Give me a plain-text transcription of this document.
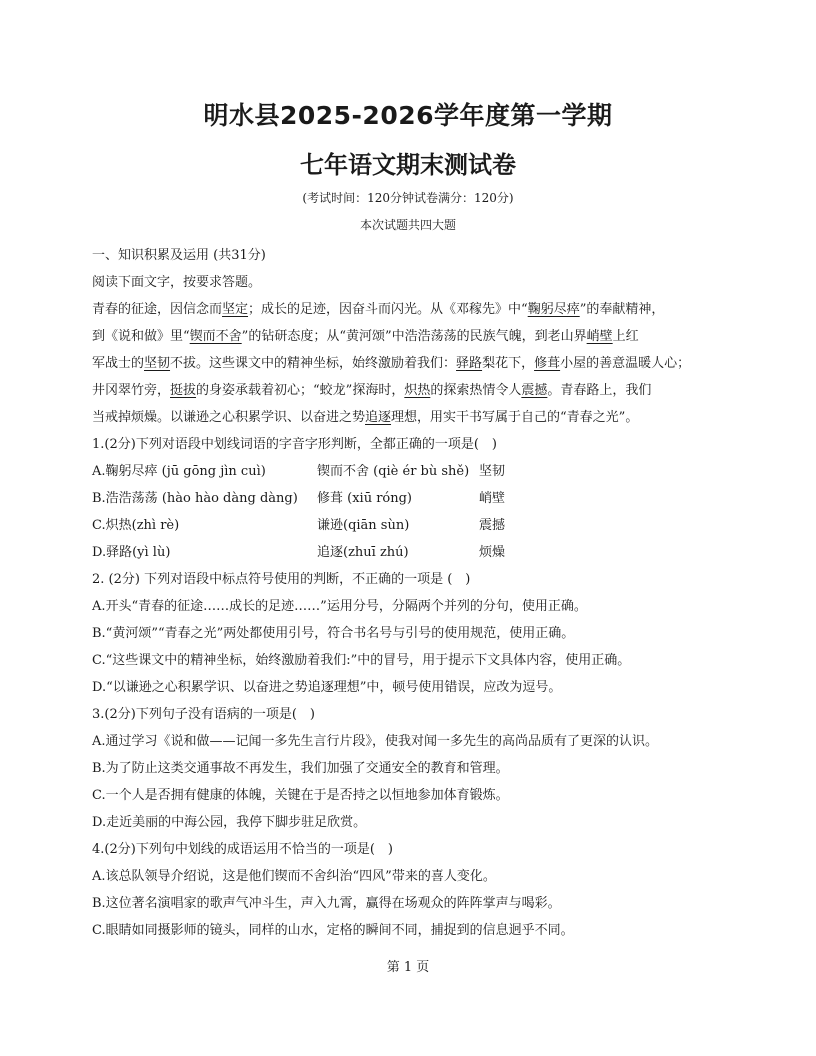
明水县2025-2026学年度第一学期
七年语文期末测试卷
(考试时间：120分钟试卷满分：120分)
本次试题共四大题
一、知识积累及运用 (共31分)
阅读下面文字，按要求答题。
青春的征途，因信念而坚定；成长的足迹，因奋斗而闪光。从《邓稼先》中“鞠躬尽瘁”的奉献精神，
到《说和做》里“锲而不舍”的钻研态度；从“黄河颂”中浩浩荡荡的民族气魄，到老山界峭壁上红
军战士的坚韧不拔。这些课文中的精神坐标，始终激励着我们：驿路梨花下，修葺小屋的善意温暖人心；
井冈翠竹旁，挺拔的身姿承载着初心；“蛟龙”探海时，炽热的探索热情令人震撼。青春路上，我们
当戒掉烦燥。以谦逊之心积累学识、以奋进之势追逐理想，用实干书写属于自己的“青春之光”。
1.(2分)下列对语段中划线词语的字音字形判断，全都正确的一项是(　)
A.鞠躬尽瘁 (jū gōng jìn cuì)	锲而不舍 (qiè ér bù shě) 坚韧
B.浩浩荡荡 (hào hào dàng dàng)	修葺 (xiū róng)	峭壁
C.炽热(zhì rè)	谦逊(qiān sùn)	震撼
D.驿路(yì lù)	追逐(zhuī zhú)	烦燥
2. (2分) 下列对语段中标点符号使用的判断，不正确的一项是 (　)
A.开头“青春的征途……成长的足迹……”运用分号，分隔两个并列的分句，使用正确。
B.“黄河颂”“青春之光”两处都使用引号，符合书名号与引号的使用规范，使用正确。
C.“这些课文中的精神坐标，始终激励着我们:”中的冒号，用于提示下文具体内容，使用正确。
D.“以谦逊之心积累学识、以奋进之势追逐理想”中，顿号使用错误，应改为逗号。
3.(2分)下列句子没有语病的一项是(　)
A.通过学习《说和做——记闻一多先生言行片段》，使我对闻一多先生的高尚品质有了更深的认识。
B.为了防止这类交通事故不再发生，我们加强了交通安全的教育和管理。
C.一个人是否拥有健康的体魄，关键在于是否持之以恒地参加体育锻炼。
D.走近美丽的中海公园，我停下脚步驻足欣赏。
4.(2分)下列句中划线的成语运用不恰当的一项是(　)
A.该总队领导介绍说，这是他们锲而不舍纠治“四风”带来的喜人变化。
B.这位著名演唱家的歌声气冲斗生，声入九霄，赢得在场观众的阵阵掌声与喝彩。
C.眼睛如同摄影师的镜头，同样的山水，定格的瞬间不同，捕捉到的信息迥乎不同。
第 1 页
